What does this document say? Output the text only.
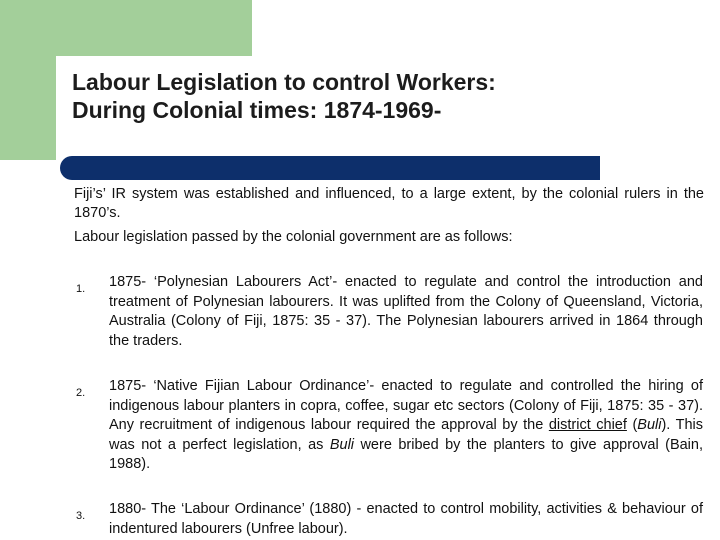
Labour Legislation to control Workers:
During Colonial times: 1874-1969-
Fiji’s’ IR system was established and influenced, to a large extent, by the colonial rulers in the 1870’s.
Labour legislation passed by the colonial government are as follows:
1. 1875- ‘Polynesian Labourers Act’- enacted to regulate and control the introduction and treatment of Polynesian labourers. It was uplifted from the Colony of Queensland, Victoria, Australia (Colony of Fiji, 1875: 35 - 37). The Polynesian labourers arrived in 1864 through the traders.
2. 1875- ‘Native Fijian Labour Ordinance’- enacted to regulate and controlled the hiring of indigenous labour planters in copra, coffee, sugar etc sectors (Colony of Fiji, 1875: 35 - 37). Any recruitment of indigenous labour required the approval by the district chief (Buli). This was not a perfect legislation, as Buli were bribed by the planters to give approval (Bain, 1988).
3. 1880- The ‘Labour Ordinance’ (1880) - enacted to control mobility, activities & behaviour of indentured labourers (Unfree labour).
